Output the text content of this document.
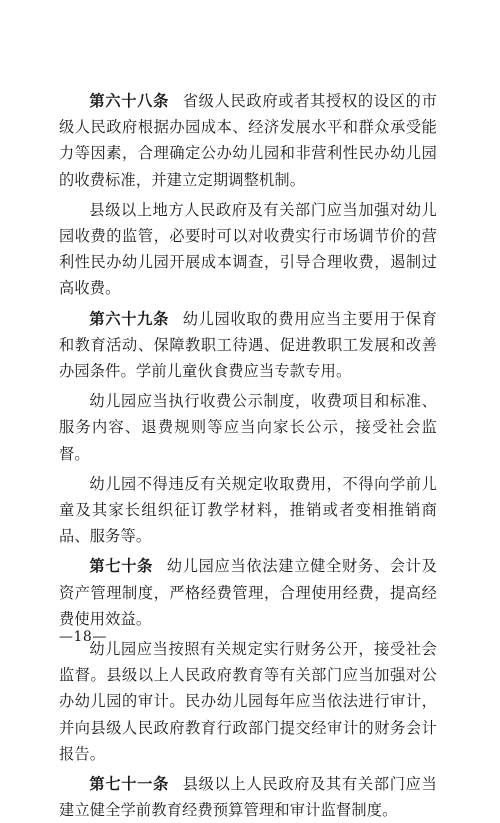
第六十八条 省级人民政府或者其授权的设区的市级人民政府根据办园成本、经济发展水平和群众承受能力等因素，合理确定公办幼儿园和非营利性民办幼儿园的收费标准，并建立定期调整机制。

县级以上地方人民政府及有关部门应当加强对幼儿园收费的监管，必要时可以对收费实行市场调节价的营利性民办幼儿园开展成本调查，引导合理收费，遏制过高收费。

第六十九条 幼儿园收取的费用应当主要用于保育和教育活动、保障教职工待遇、促进教职工发展和改善办园条件。学前儿童伙食费应当专款专用。

幼儿园应当执行收费公示制度，收费项目和标准、服务内容、退费规则等应当向家长公示，接受社会监督。

幼儿园不得违反有关规定收取费用，不得向学前儿童及其家长组织征订教学材料，推销或者变相推销商品、服务等。

第七十条 幼儿园应当依法建立健全财务、会计及资产管理制度，严格经费管理，合理使用经费，提高经费使用效益。

幼儿园应当按照有关规定实行财务公开，接受社会监督。县级以上人民政府教育等有关部门应当加强对公办幼儿园的审计。民办幼儿园每年应当依法进行审计，并向县级人民政府教育行政部门提交经审计的财务会计报告。

第七十一条 县级以上人民政府及其有关部门应当建立健全学前教育经费预算管理和审计监督制度。

—18—
